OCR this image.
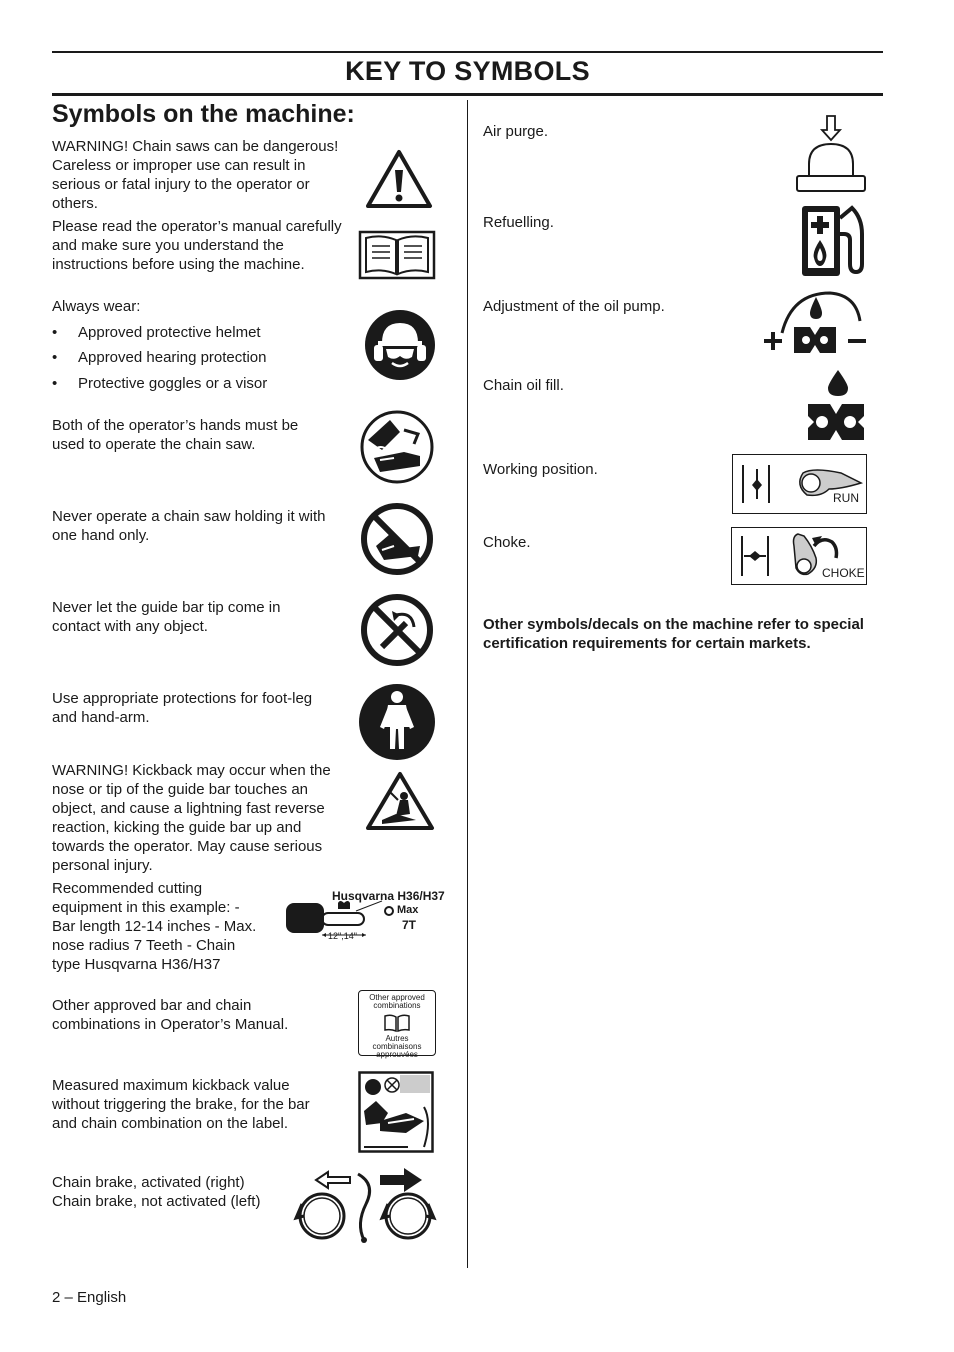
KEY TO SYMBOLS
Symbols on the machine:
WARNING! Chain saws can be dangerous! Careless or improper use can result in serious or fatal injury to the operator or others.
Please read the operator’s manual carefully and make sure you understand the instructions before using the machine.
Always wear:
• Approved protective helmet
• Approved hearing protection
• Protective goggles or a visor
Both of the operator’s hands must be used to operate the chain saw.
Never operate a chain saw holding it with one hand only.
Never let the guide bar tip come in contact with any object.
Use appropriate protections for foot-leg and hand-arm.
WARNING! Kickback may occur when the nose or tip of the guide bar touches an object, and cause a lightning fast reverse reaction, kicking the guide bar up and towards the operator. May cause serious personal injury.
Recommended cutting equipment in this example: - Bar length 12-14 inches - Max. nose radius 7 Teeth - Chain type Husqvarna H36/H37
Other approved bar and chain combinations in Operator’s Manual.
Measured maximum kickback value without triggering the brake, for the bar and chain combination on the label.
Chain brake, activated (right) Chain brake, not activated (left)
Husqvarna H36/H37
Max
7T
12",14"
Other approved combinations
Autres combinaisons approuvées
Air purge.
Refuelling.
Adjustment of the oil pump.
Chain oil fill.
Working position.
Choke.
Other symbols/decals on the machine refer to special certification requirements for certain markets.
RUN
CHOKE
2 – English
